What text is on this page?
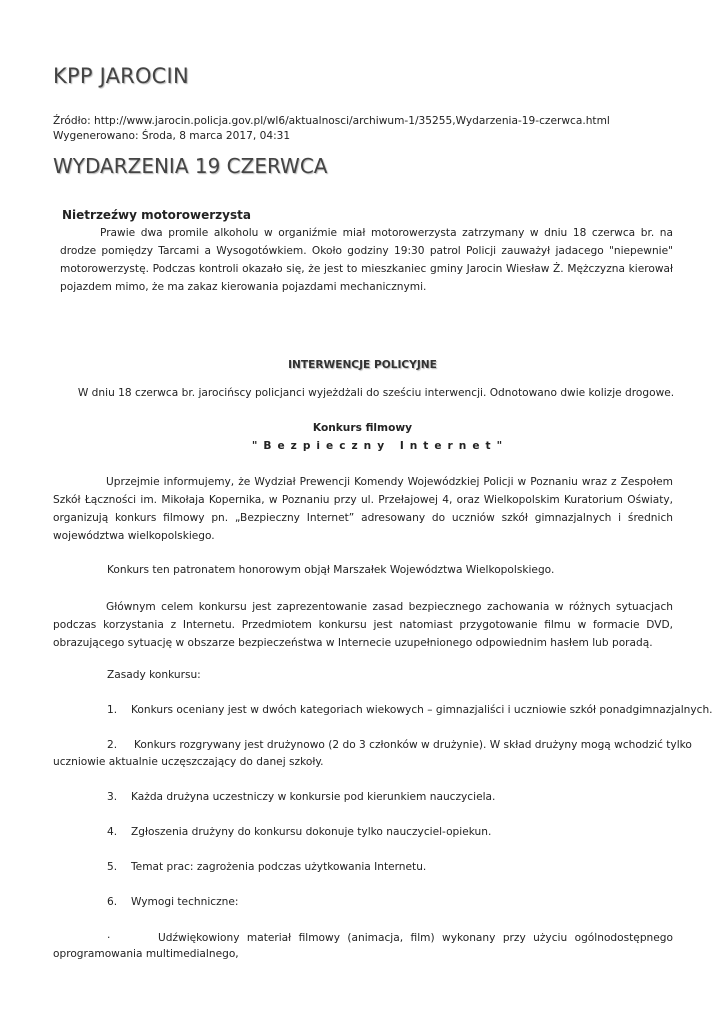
KPP JAROCIN

Źródło: http://www.jarocin.policja.gov.pl/wl6/aktualnosci/archiwum-1/35255,Wydarzenia-19-czerwca.html

Wygenerowano: Środa, 8 marca 2017, 04:31

WYDARZENIA 19 CZERWCA
Nietrzeźwy motorowerzysta

Prawie dwa promile alkoholu w organiźmie miał motorowerzysta zatrzymany w dniu 18 czerwca br. na drodze pomiędzy Tarcami a Wysogotówkiem. Około godziny 19:30 patrol Policji zauważył jadacego "niepewnie" motorowerzystę. Podczas kontroli okazało się, że jest to mieszkaniec gminy Jarocin Wiesław Ż. Mężczyzna kierował pojazdem mimo, że ma zakaz kierowania pojazdami mechanicznymi.

INTERWENCJE POLICYJNE

W dniu 18 czerwca br. jarocińscy policjanci wyjeżdżali do sześciu interwencji. Odnotowano dwie kolizje drogowe.

Konkurs filmowy

"Bezpieczny Internet"

Uprzejmie informujemy, że Wydział Prewencji Komendy Wojewódzkiej Policji w Poznaniu wraz z Zespołem Szkół Łączności im. Mikołaja Kopernika, w Poznaniu przy ul. Przełajowej 4, oraz Wielkopolskim Kuratorium Oświaty, organizują konkurs filmowy pn. „Bezpieczny Internet” adresowany do uczniów szkół gimnazjalnych i średnich województwa wielkopolskiego.

Konkurs ten patronatem honorowym objął Marszałek Województwa Wielkopolskiego.

Głównym celem konkursu jest zaprezentowanie zasad bezpiecznego zachowania w różnych sytuacjach podczas korzystania z Internetu. Przedmiotem konkursu jest natomiast przygotowanie filmu w formacie DVD, obrazującego sytuację w obszarze bezpieczeństwa w Internecie uzupełnionego odpowiednim hasłem lub poradą.

Zasady konkursu:

1. Konkurs oceniany jest w dwóch kategoriach wiekowych – gimnazjaliści i uczniowie szkół ponadgimnazjalnych.
2. Konkurs rozgrywany jest drużynowo (2 do 3 członków w drużynie). W skład drużyny mogą wchodzić tylko
uczniowie aktualnie uczęszczający do danej szkoły.
3. Każda drużyna uczestniczy w konkursie pod kierunkiem nauczyciela.
4. Zgłoszenia drużyny do konkursu dokonuje tylko nauczyciel-opiekun.
5. Temat prac: zagrożenia podczas użytkowania Internetu.
6. Wymogi techniczne:
·	Udźwiękowiony materiał filmowy (animacja, film) wykonany przy użyciu ogólnodostępnego
oprogramowania multimedialnego,
